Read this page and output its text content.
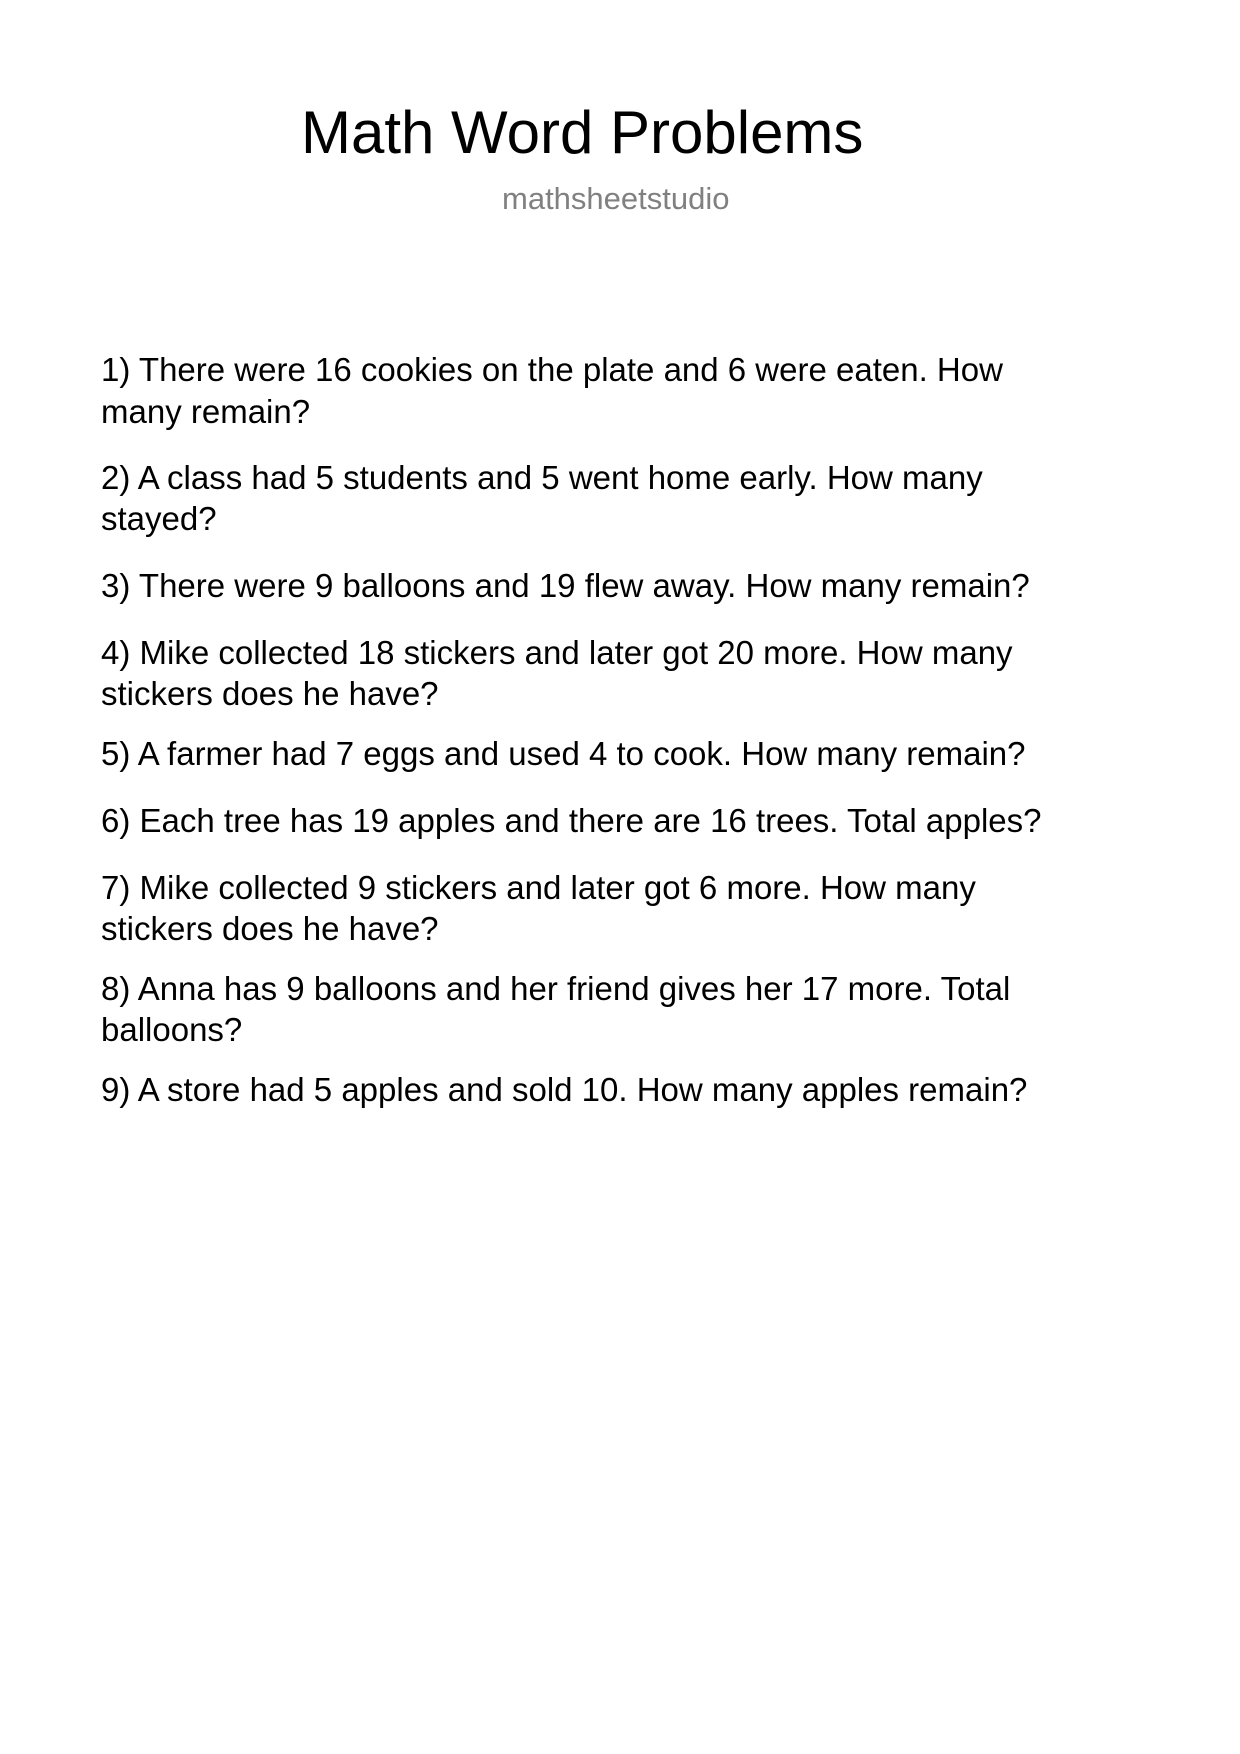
Math Word Problems
mathsheetstudio
1) There were 16 cookies on the plate and 6 were eaten. How
many remain?
2) A class had 5 students and 5 went home early. How many
stayed?
3) There were 9 balloons and 19 flew away. How many remain?
4) Mike collected 18 stickers and later got 20 more. How many
stickers does he have?
5) A farmer had 7 eggs and used 4 to cook. How many remain?
6) Each tree has 19 apples and there are 16 trees. Total apples?
7) Mike collected 9 stickers and later got 6 more. How many
stickers does he have?
8) Anna has 9 balloons and her friend gives her 17 more. Total
balloons?
9) A store had 5 apples and sold 10. How many apples remain?
